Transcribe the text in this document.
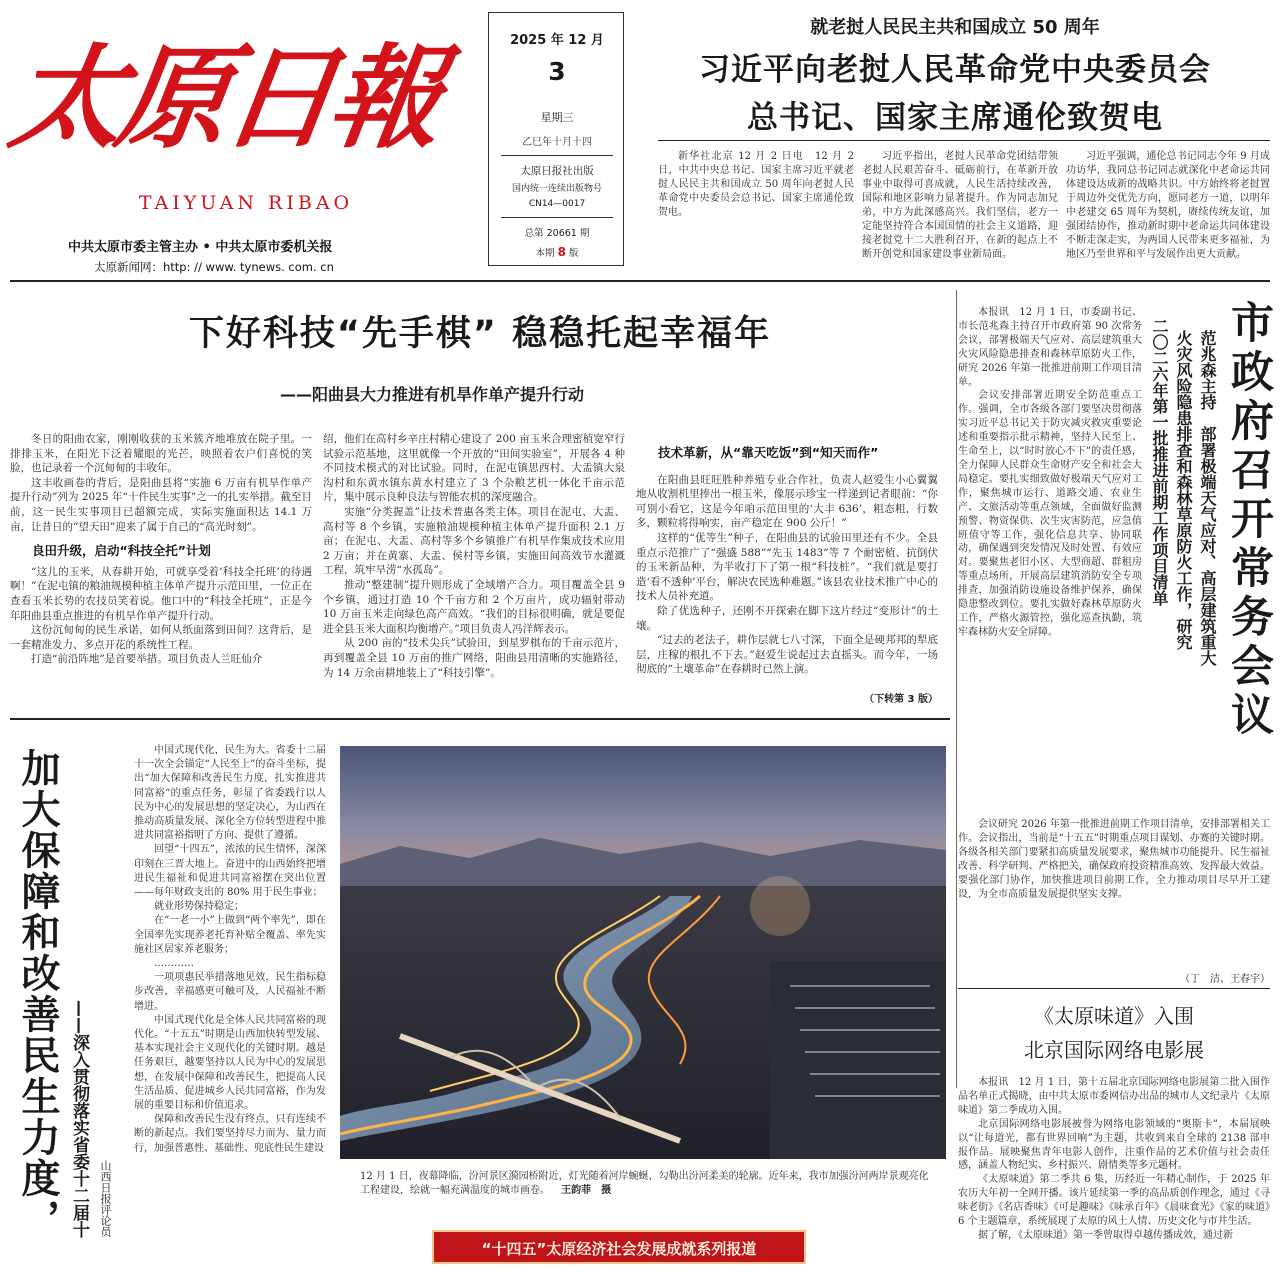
太原日報
TAIYUAN RIBAO
中共太原市委主管主办 • 中共太原市委机关报
太原新闻网：http: // www. tynews. com. cn
2025 年 12 月
3
星期三
乙巳年十月十四
太原日报社出版
国内统一连续出版物号
CN14—0017
总第 20661 期
本期 8 版
就老挝人民民主共和国成立 50 周年
习近平向老挝人民革命党中央委员会
总书记、国家主席通伦致贺电

新华社北京 12 月 2 日电　12 月 2 日，中共中央总书记、国家主席习近平就老挝人民民主共和国成立 50 周年向老挝人民革命党中央委员会总书记、国家主席通伦致贺电。

习近平指出，老挝人民革命党团结带领老挝人民艰苦奋斗、砥砺前行，在革新开放事业中取得可喜成就，人民生活持续改善，国际和地区影响力显著提升。作为同志加兄弟，中方为此深感高兴。我们坚信，老方一定能坚持符合本国国情的社会主义道路，迎接老挝党十二大胜利召开，在新的起点上不断开创党和国家建设事业新局面。

习近平强调，通伦总书记同志今年 9 月成功访华，我同总书记同志就深化中老命运共同体建设达成新的战略共识。中方始终将老挝置于周边外交优先方向，愿同老方一道，以明年中老建交 65 周年为契机，赓续传统友谊，加强团结协作，推动新时期中老命运共同体建设不断走深走实，为两国人民带来更多福祉，为地区乃至世界和平与发展作出更大贡献。

下好科技“先手棋” 稳稳托起幸福年
——阳曲县大力推进有机旱作单产提升行动

冬日的阳曲农家，刚刚收获的玉米簇齐地堆放在院子里。一排排玉米，在阳光下泛着耀眼的光芒，映照着农户们喜悦的笑脸，也记录着一个沉甸甸的丰收年。

这丰收画卷的背后，是阳曲县将“实施 6 万亩有机旱作单产提升行动”列为 2025 年“十件民生实事”之一的扎实举措。截至目前，这一民生实事项目已超额完成，实际实施面积达 14.1 万亩，让昔日的“望天田”迎来了属于自己的“高光时刻”。

良田升级，启动“科技全托”计划

“这儿的玉米，从春耕开始，可就享受着‘科技全托班’的待遇啊！”在泥屯镇的粮油规模种植主体单产提升示范田里，一位正在查看玉米长势的农技员笑着说。他口中的“科技全托班”，正是今年阳曲县重点推进的有机旱作单产提升行动。

这份沉甸甸的民生承诺，如何从纸面落到田间？这背后，是一套精准发力、多点开花的系统性工程。

打造“前沿阵地”是首要举措。项目负责人兰旺仙介

绍，他们在高村乡辛庄村精心建设了 200 亩玉米合理密植宽窄行试验示范基地，这里就像一个开放的“田间实验室”，开展各 4 种不同技术模式的对比试验。同时，在泥屯镇思西村、大盂镇大泉沟村和东黄水镇东黄水村建立了 3 个杂粮艺机一体化千亩示范片，集中展示良种良法与智能农机的深度融合。

实施“分类握盖”让技术普惠各类主体。项目在泥屯、大盂、高村等 8 个乡镇，实施粮油规模种植主体单产提升面积 2.1 万亩；在泥屯、大盂、高村等多个乡镇推广有机旱作集成技术应用 2 万亩；并在黄寨、大盂、侯村等乡镇，实施田间高效节水灌溉工程，筑牢旱涝“水孤岛”。

推动“整建制”提升则形成了全域增产合力。项目覆盖全县 9 个乡镇，通过打造 10 个千亩方和 2 个万亩片，成功辐射带动 10 万亩玉米走向绿色高产高效。“我们的目标很明确，就是要促进全县玉米大面积均衡增产。”项目负责人冯洋辉表示。

从 200 亩的“技术尖兵”试验田，到星罗棋布的千亩示范片，再到覆盖全县 10 万亩的推广网络，阳曲县用清晰的实施路径，为 14 万余亩耕地装上了“科技引擎”。

技术革新，从“靠天吃饭”到“知天而作”

在阳曲县旺旺胜种养殖专业合作社，负责人赵爱生小心翼翼地从收割机里捧出一根玉米，像展示珍宝一样递到记者眼前：“你可别小看它，这是今年咱示范田里的‘大丰 636’，粗态粗，行数多，颗粒将得响实，亩产稳定在 900 公斤！”

这样的“优等生”种子，在阳曲县的试验田里还有不少。全县重点示范推广了“强盛 588”“先玉 1483”等 7 个耐密植、抗倒伏的玉米新品种，为半收打下了第一根“科技桩”。“我们就是要打造‘看不透种’平台，解决农民选种难题。”该县农业技术推广中心的技术人员补充道。

除了优选种子，还刚不开探索在脚下这片经过“变形计”的土壤。

“过去的老法子，耕作层就七八寸深，下面全是硬邦邦的犁底层，庄稼的根扎不下去。”赵爱生说起过去直摇头。而今年，一场彻底的“土壤革命”在春耕时已然上演。

（下转第 3 版）	市政府召开常务会议
范兆森主持　部署极端天气应对、高层建筑重大
火灾风险隐患排查和森林草原防火工作，研究
二〇二六年第一批推进前期工作项目清单

本报讯　12 月 1 日，市委副书记、市长范兆森主持召开市政府第 90 次常务会议，部署极端天气应对、高层建筑重大火灾风险隐患排查和森林草原防火工作，研究 2026 年第一批推进前期工作项目清单。

会议安排部署近期安全防范重点工作。强调，全市各级各部门要坚决贯彻落实习近平总书记关于防灾减灾救灾重要论述和重要指示批示精神，坚持人民至上、生命至上，以“时时放心不下”的责任感，全力保障人民群众生命财产安全和社会大局稳定。要扎实细致做好极端天气应对工作，聚焦城市运行、道路交通、农业生产、文旅活动等重点领域，全面做好监测预警、物资保供、次生灾害防范，应急值班值守等工作，强化信息共享、协同联动，确保遇到突发情况及时处置、有效应对。要聚焦老旧小区、大型商超、群租房等重点场所，开展高层建筑消防安全专项排查，加强消防设施设备维护保养，确保隐患整改到位。要扎实做好森林草原防火工作，严格火源管控，强化巡查执勤，筑牢森林防火安全屏障。

会议研究 2026 年第一批推进前期工作项目清单，安排部署相关工作。会议指出，当前是“十五五”时期重点项目谋划、办赛的关键时期。各级各相关部门要紧扣高质量发展要求，聚焦城市功能提升、民生福祉改善、科学研判、严格把关，确保政府投资精准高效、发挥最大效益。要强化部门协作，加快推进项目前期工作，全力推动项目尽早开工建设，为全市高质量发展提供坚实支撑。

（丁　洁、王春宇）
《太原味道》入围
北京国际网络电影展

本报讯　12 月 1 日，第十五届北京国际网络电影展第二批入围作品名单正式揭晓，由中共太原市委网信办出品的城市人文纪录片《太原味道》第二季成功入围。

北京国际网络电影展被誉为网络电影领域的“奥斯卡”，本届展映以“让每道光，都有世界回响”为主题，共收到来自全球的 2138 部申报作品。展映聚焦青年电影人创作，注重作品的艺术价值与社会责任感，涵盖人物纪实、乡村振兴、剧情类等多元题材。

《太原味道》第二季共 6 集，历经近一年精心制作，于 2025 年农历大年初一全网开播。该片延续第一季的高品质创作理念，通过《寻味老街》《名店香味》《可是趣味》《味承百年》《晨味食光》《家的味道》6 个主题篇章，系统展现了太原的风土人情、历史文化与市井生活。

据了解，《太原味道》第一季曾取得卓越传播成效，通过新

加大保障和改善民生力度， ——深入贯彻落实省委十二届十 山西日报评论员

中国式现代化，民生为大。省委十二届十一次全会锚定“人民至上”的奋斗坐标，提出“加大保障和改善民生力度，扎实推进共同富裕”的重点任务，彰显了省委践行以人民为中心的发展思想的坚定决心，为山西在推动高质量发展、深化全方位转型进程中推进共同富裕指明了方向、提供了遵循。

回望“十四五”，浓浓的民生情怀，深深印刻在三晋大地上。奋进中的山西始终把增进民生福祉和促进共同富裕摆在突出位置——每年财政支出的 80% 用于民生事业；

就业形势保持稳定；

在“一老一小”上做到“两个率先”，即在全国率先实现养老托育补贴全覆盖、率先实施社区居家养老服务；

…………

一项项惠民举措落地见效，民生指标稳步改善，幸福感更可触可及，人民福祉不断增进。

中国式现代化是全体人民共同富裕的现代化。“十五五”时期是山西加快转型发展、基本实现社会主义现代化的关键时期。越是任务艰巨，越要坚持以人民为中心的发展思想，在发展中保障和改善民生，把提高人民生活品质、促进城乡人民共同富裕，作为发展的重要目标和价值追求。

保障和改善民生没有终点，只有连续不断的新起点。我们要坚持尽力而为、量力而行，加强普惠性、基础性、兜底性民生建设

12 月 1 日，夜幕降临，汾河景区漪园桥附近，灯光随着河岸蜿蜒，勾勒出汾河柔美的轮廓。近年来，我市加强汾河两岸景观亮化工程建设，绘就一幅充满温度的城市画卷。 王韵菲　摄
“十四五”太原经济社会发展成就系列报道
